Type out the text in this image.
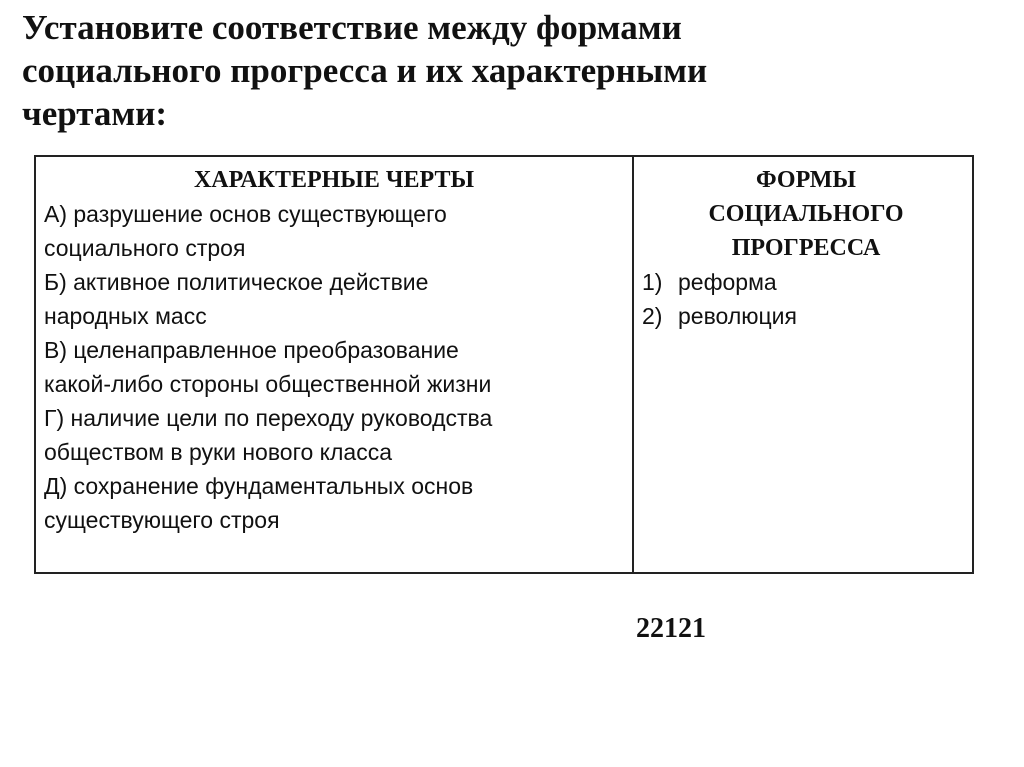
Установите соответствие между формами
социального прогресса и их характерными
чертами:

ХАРАКТЕРНЫЕ ЧЕРТЫ

А) разрушение основ существующего
социального строя

Б) активное политическое действие
народных масс

В) целенаправленное преобразование
какой-либо стороны общественной жизни

Г) наличие цели по переходу руководства
обществом в руки нового класса

Д) сохранение фундаментальных основ
существующего строя

ФОРМЫ
СОЦИАЛЬНОГО
ПРОГРЕССА

1) реформа
2) революция

22121
